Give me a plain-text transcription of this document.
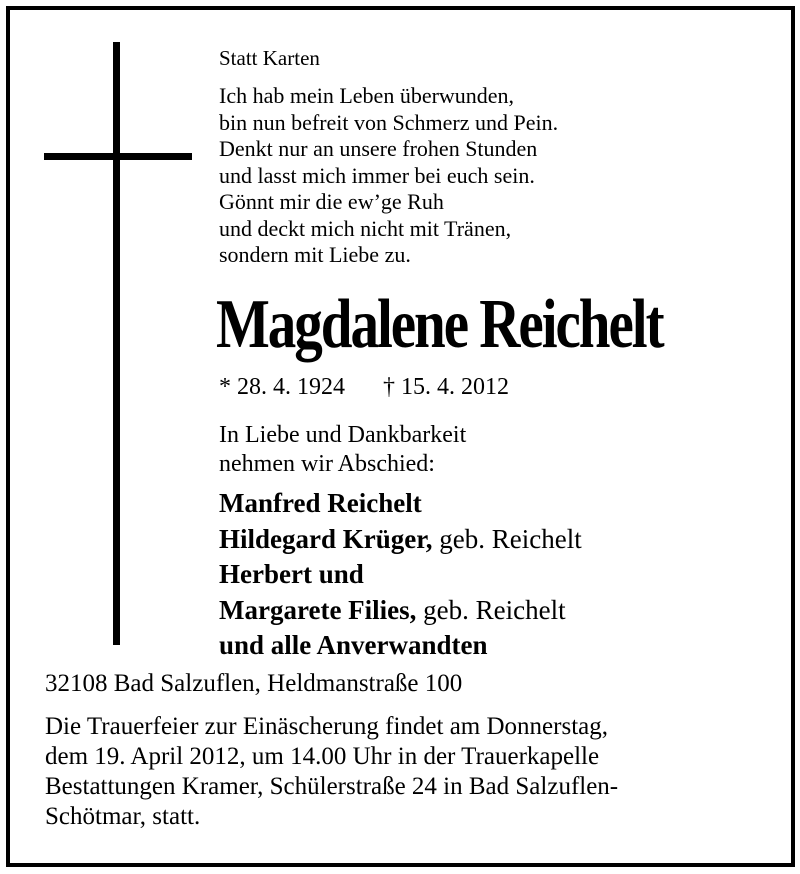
Statt Karten
Ich hab mein Leben überwunden,
bin nun befreit von Schmerz und Pein.
Denkt nur an unsere frohen Stunden
und lasst mich immer bei euch sein.
Gönnt mir die ew’ge Ruh
und deckt mich nicht mit Tränen,
sondern mit Liebe zu.
Magdalene Reichelt
* 28. 4. 1924 † 15. 4. 2012
In Liebe und Dankbarkeit
nehmen wir Abschied:
Manfred Reichelt
Hildegard Krüger, geb. Reichelt
Herbert und
Margarete Filies, geb. Reichelt
und alle Anverwandten
32108 Bad Salzuflen, Heldmanstraße 100
Die Trauerfeier zur Einäscherung findet am Donnerstag,
dem 19. April 2012, um 14.00 Uhr in der Trauerkapelle
Bestattungen Kramer, Schülerstraße 24 in Bad Salzuflen-
Schötmar, statt.
